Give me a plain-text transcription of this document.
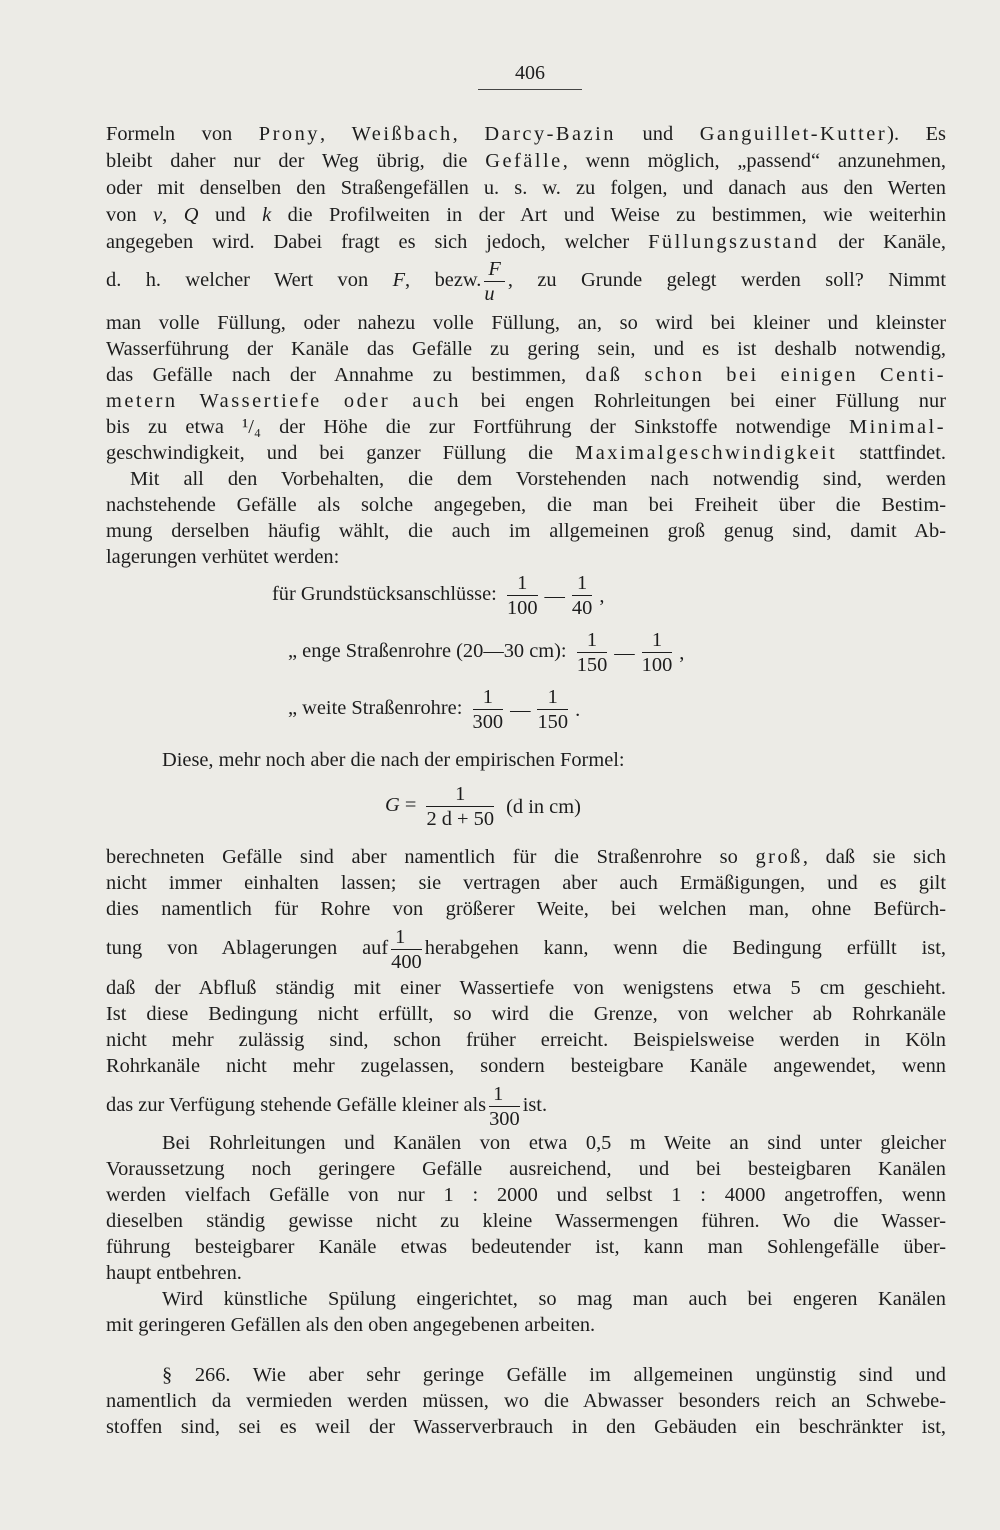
406
Formeln von Prony, Weißbach, Darcy-Bazin und Ganguillet-Kutter). Es
bleibt daher nur der Weg übrig, die Gefälle, wenn möglich, „passend“ anzunehmen,
oder mit denselben den Straßengefällen u. s. w. zu folgen, und danach aus den Werten
von v, Q und k die Profilweiten in der Art und Weise zu bestimmen, wie weiterhin
angegeben wird. Dabei fragt es sich jedoch, welcher Füllungszustand der Kanäle,
d. h. welcher Wert von F, bezw. $\frac{F}{u}$ , zu Grunde gelegt werden soll? Nimmt
man volle Füllung, oder nahezu volle Füllung, an, so wird bei kleiner und kleinster
Wasserführung der Kanäle das Gefälle zu gering sein, und es ist deshalb notwendig,
das Gefälle nach der Annahme zu bestimmen, daß schon bei einigen Centi-
metern Wassertiefe oder auch bei engen Rohrleitungen bei einer Füllung nur
bis zu etwa ¹/₄ der Höhe die zur Fortführung der Sinkstoffe notwendige Minimal-
geschwindigkeit, und bei ganzer Füllung die Maximalgeschwindigkeit stattfindet.
Mit all den Vorbehalten, die dem Vorstehenden nach notwendig sind, werden
nachstehende Gefälle als solche angegeben, die man bei Freiheit über die Bestim-
mung derselben häufig wählt, die auch im allgemeinen groß genug sind, damit Ab-
lagerungen verhütet werden:
für Grundstücksanschlüsse: $\frac{1}{100}$ — $\frac{1}{40}$ ,
„ enge Straßenrohre (20—30 cm): $\frac{1}{150}$ — $\frac{1}{100}$ ,
„ weite Straßenrohre: $\frac{1}{300}$ — $\frac{1}{150}$ .
Diese, mehr noch aber die nach der empirischen Formel:
$G = \frac{1}{2 d + 50} (d$ in cm)
berechneten Gefälle sind aber namentlich für die Straßenrohre so groß, daß sie sich
nicht immer einhalten lassen; sie vertragen aber auch Ermäßigungen, und es gilt
dies namentlich für Rohre von größerer Weite, bei welchen man, ohne Befürch-
tung von Ablagerungen auf $\frac{1}{400}$ herabgehen kann, wenn die Bedingung erfüllt ist,
daß der Abfluß ständig mit einer Wassertiefe von wenigstens etwa 5 cm geschieht.
Ist diese Bedingung nicht erfüllt, so wird die Grenze, von welcher ab Rohrkanäle
nicht mehr zulässig sind, schon früher erreicht. Beispielsweise werden in Köln
Rohrkanäle nicht mehr zugelassen, sondern besteigbare Kanäle angewendet, wenn
das zur Verfügung stehende Gefälle kleiner als $\frac{1}{300}$ ist.
Bei Rohrleitungen und Kanälen von etwa 0,5 m Weite an sind unter gleicher
Voraussetzung noch geringere Gefälle ausreichend, und bei besteigbaren Kanälen
werden vielfach Gefälle von nur 1 : 2000 und selbst 1 : 4000 angetroffen, wenn
dieselben ständig gewisse nicht zu kleine Wassermengen führen. Wo die Wasser-
führung besteigbarer Kanäle etwas bedeutender ist, kann man Sohlengefälle über-
haupt entbehren.
Wird künstliche Spülung eingerichtet, so mag man auch bei engeren Kanälen
mit geringeren Gefällen als den oben angegebenen arbeiten.
§ 266. Wie aber sehr geringe Gefälle im allgemeinen ungünstig sind und
namentlich da vermieden werden müssen, wo die Abwasser besonders reich an Schwebe-
stoffen sind, sei es weil der Wasserverbrauch in den Gebäuden ein beschränkter ist,
